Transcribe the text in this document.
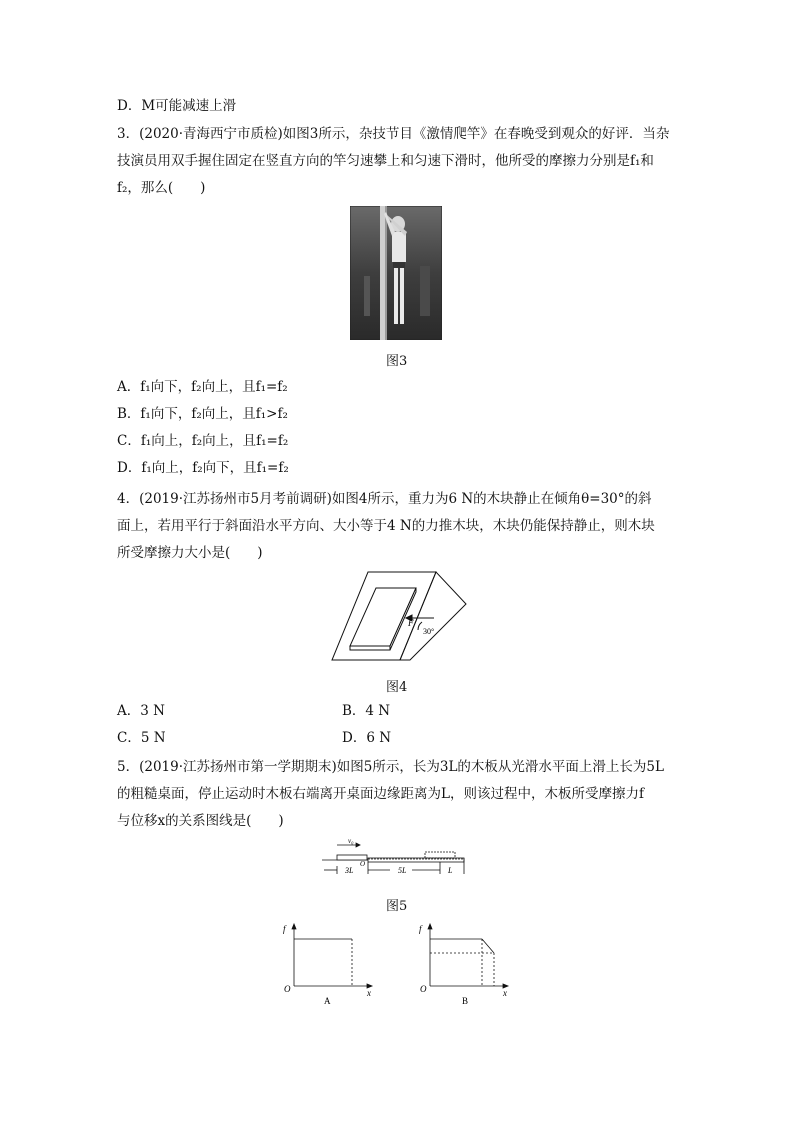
D．M可能减速上滑
3．(2020·青海西宁市质检)如图3所示，杂技节目《激情爬竿》在春晚受到观众的好评．当杂
技演员用双手握住固定在竖直方向的竿匀速攀上和匀速下滑时，他所受的摩擦力分别是f₁和
f₂，那么(　　)
图3
A．f₁向下，f₂向上，且f₁=f₂
B．f₁向下，f₂向上，且f₁>f₂
C．f₁向上，f₂向上，且f₁=f₂
D．f₁向上，f₂向下，且f₁=f₂
4．(2019·江苏扬州市5月考前调研)如图4所示，重力为6 N的木块静止在倾角θ=30°的斜
面上，若用平行于斜面沿水平方向、大小等于4 N的力推木块，木块仍能保持静止，则木块
所受摩擦力大小是(　　)
F
30°
图4
A．3 N	B．4 N
C．5 N	D．6 N
5．(2019·江苏扬州市第一学期期末)如图5所示，长为3L的木板从光滑水平面上滑上长为5L
的粗糙桌面，停止运动时木板右端离开桌面边缘距离为L，则该过程中，木板所受摩擦力f
与位移x的关系图线是(　　)
v₀
3L
O
5L	L
图5
f
O	x
A
f
O	x
B
